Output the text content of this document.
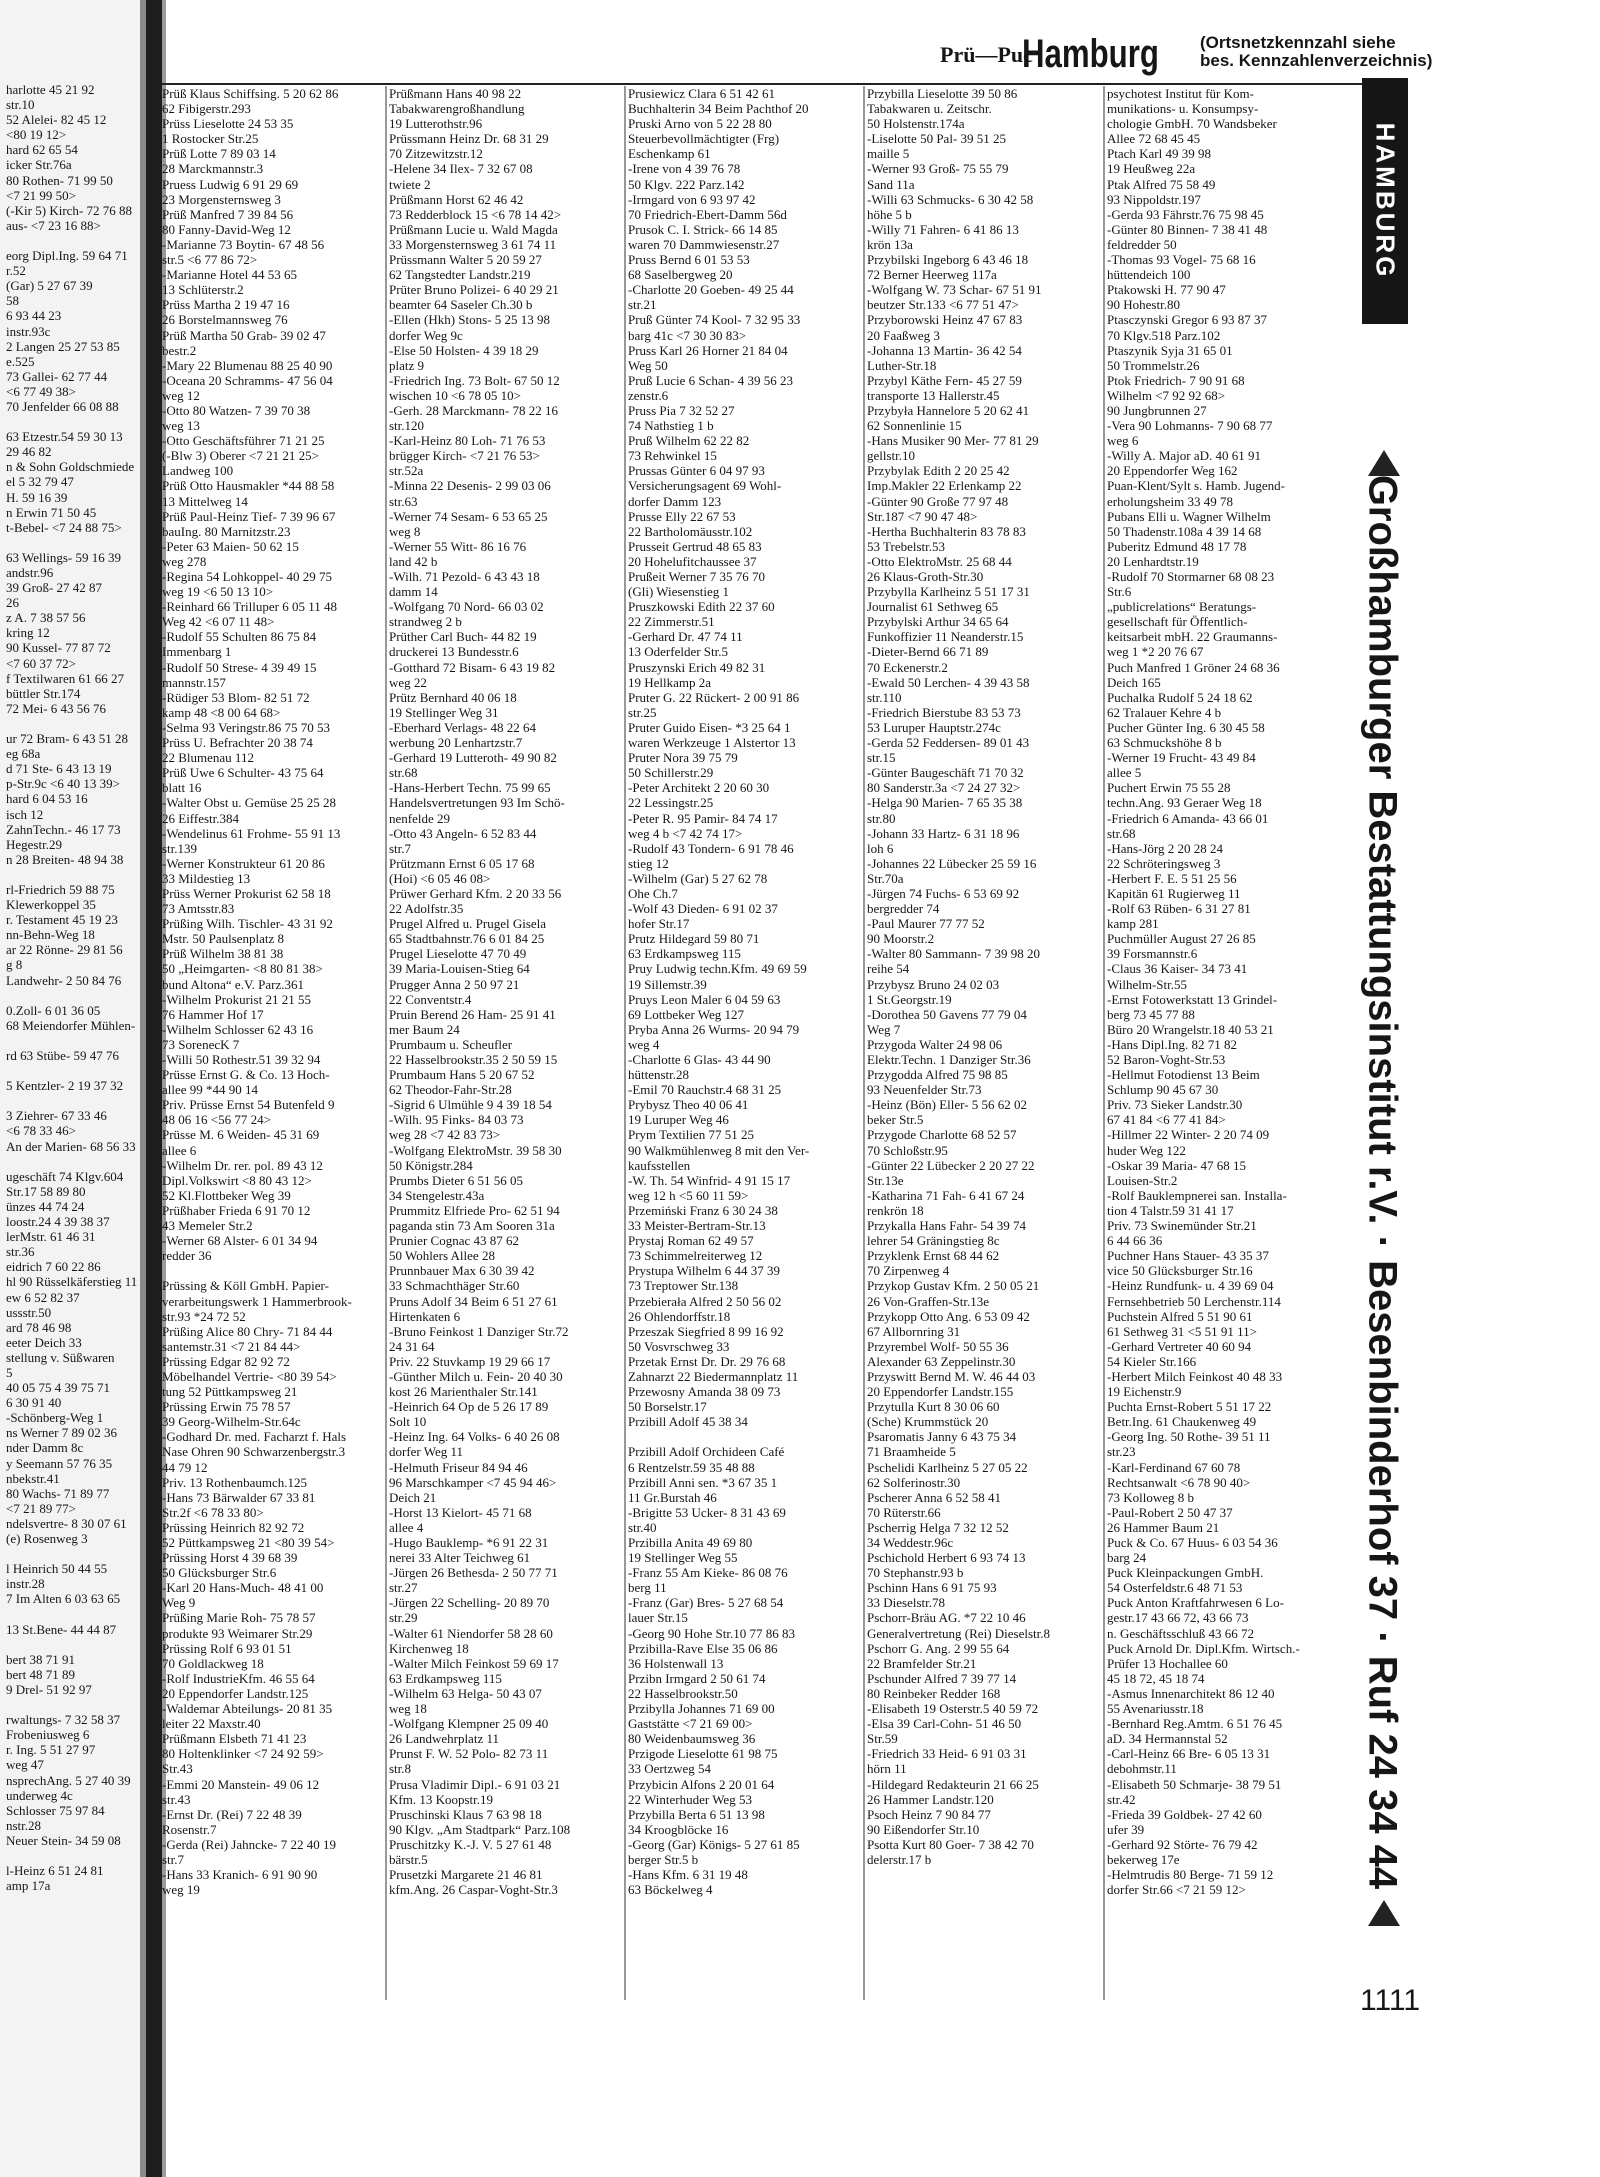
Prü—Puc
Hamburg (Ortsnetzkennzahl siehe
bes. Kennzahlenverzeichnis)
HAMBURG
Großhamburger Bestattungsinstitut r.V. · Besenbinderhof 37 · Ruf 24 34 44
1111
harlotte 45 21 92
str.10
52 Alelei- 82 45 12
<80 19 12>
hard 62 65 54
icker Str.76a
80 Rothen- 71 99 50
<7 21 99 50>
(-Kir 5) Kirch- 72 76 88
aus- <7 23 16 88>
eorg Dipl.Ing. 59 64 71
r.52
(Gar) 5 27 67 39
58
6 93 44 23
instr.93c
2 Langen 25 27 53 85
e.525
73 Gallei- 62 77 44
<6 77 49 38>
70 Jenfelder 66 08 88
63 Etzestr.54 59 30 13
29 46 82
n & Sohn Goldschmiede
el 5 32 79 47
H. 59 16 39
n Erwin 71 50 45
t-Bebel- <7 24 88 75>
63 Wellings- 59 16 39
andstr.96
39 Groß- 27 42 87
26
z A. 7 38 57 56
kring 12
90 Kussel- 77 87 72
<7 60 37 72>
f Textilwaren 61 66 27
büttler Str.174
72 Mei- 6 43 56 76
ur 72 Bram- 6 43 51 28
eg 68a
d 71 Ste- 6 43 13 19
p-Str.9c <6 40 13 39>
hard 6 04 53 16
isch 12
ZahnTechn.- 46 17 73
Hegestr.29
n 28 Breiten- 48 94 38
rl-Friedrich 59 88 75
Klewerkoppel 35
r. Testament 45 19 23
nn-Behn-Weg 18
ar 22 Rönne- 29 81 56
g 8
Landwehr- 2 50 84 76
0.Zoll- 6 01 36 05
68 Meiendorfer Mühlen-
rd 63 Stübe- 59 47 76
5 Kentzler- 2 19 37 32
3 Ziehrer- 67 33 46
<6 78 33 46>
An der Marien- 68 56 33
ugeschäft 74 Klgv.604
Str.17 58 89 80
ünzes 44 74 24
loostr.24 4 39 38 37
lerMstr. 61 46 31
str.36
eidrich 7 60 22 86
hl 90 Rüsselkäferstieg 11
ew 6 52 82 37
ussstr.50
ard 78 46 98
eeter Deich 33
stellung v. Süßwaren
5
40 05 75 4 39 75 71
6 30 91 40
-Schönberg-Weg 1
ns Werner 7 89 02 36
nder Damm 8c
y Seemann 57 76 35
nbekstr.41
80 Wachs- 71 89 77
<7 21 89 77>
ndelsvertre- 8 30 07 61
(e) Rosenweg 3
l Heinrich 50 44 55
instr.28
7 Im Alten 6 03 63 65
13 St.Bene- 44 44 87
bert 38 71 91
bert 48 71 89
9 Drel- 51 92 97
rwaltungs- 7 32 58 37
Frobeniusweg 6
r. Ing. 5 51 27 97
weg 47
nsprechAng. 5 27 40 39
underweg 4c
Schlosser 75 97 84
nstr.28
Neuer Stein- 34 59 08
l-Heinz 6 51 24 81
amp 17a
Prüß Klaus Schiffsing. 5 20 62 86
62 Fibigerstr.293
Prüss Lieselotte 24 53 35
1 Rostocker Str.25
Prüß Lotte 7 89 03 14
28 Marckmannstr.3
Pruess Ludwig 6 91 29 69
23 Morgensternsweg 3
Prüß Manfred 7 39 84 56
80 Fanny-David-Weg 12
-Marianne 73 Boytin- 67 48 56
str.5 <6 77 86 72>
-Marianne Hotel 44 53 65
13 Schlüterstr.2
Prüss Martha 2 19 47 16
26 Borstelmannsweg 76
Prüß Martha 50 Grab- 39 02 47
bestr.2
-Mary 22 Blumenau 88 25 40 90
-Oceana 20 Schramms- 47 56 04
weg 12
-Otto 80 Watzen- 7 39 70 38
weg 13
-Otto Geschäftsführer 71 21 25
(-Blw 3) Oberer <7 21 21 25>
Landweg 100
Prüß Otto Hausmakler *44 88 58
13 Mittelweg 14
Prüß Paul-Heinz Tief- 7 39 96 67
bauIng. 80 Marnitzstr.23
-Peter 63 Maien- 50 62 15
weg 278
-Regina 54 Lohkoppel- 40 29 75
weg 19 <6 50 13 10>
-Reinhard 66 Trilluper 6 05 11 48
Weg 42 <6 07 11 48>
-Rudolf 55 Schulten 86 75 84
Immenbarg 1
-Rudolf 50 Strese- 4 39 49 15
mannstr.157
-Rüdiger 53 Blom- 82 51 72
kamp 48 <8 00 64 68>
-Selma 93 Veringstr.86 75 70 53
Prüss U. Befrachter 20 38 74
22 Blumenau 112
Prüß Uwe 6 Schulter- 43 75 64
blatt 16
-Walter Obst u. Gemüse 25 25 28
26 Eiffestr.384
-Wendelinus 61 Frohme- 55 91 13
str.139
-Werner Konstrukteur 61 20 86
33 Mildestieg 13
Prüss Werner Prokurist 62 58 18
73 Amtsstr.83
Prüßing Wilh. Tischler- 43 31 92
Mstr. 50 Paulsenplatz 8
Prüß Wilhelm 38 81 38
50 „Heimgarten- <8 80 81 38>
bund Altona“ e.V. Parz.361
-Wilhelm Prokurist 21 21 55
76 Hammer Hof 17
-Wilhelm Schlosser 62 43 16
73 SorenecK 7
-Willi 50 Rothestr.51 39 32 94
Prüsse Ernst G. & Co. 13 Hoch-
allee 99 *44 90 14
Priv. Prüsse Ernst 54 Butenfeld 9
48 06 16 <56 77 24>
Prüsse M. 6 Weiden- 45 31 69
allee 6
-Wilhelm Dr. rer. pol. 89 43 12
Dipl.Volkswirt <8 80 43 12>
52 Kl.Flottbeker Weg 39
Prüßhaber Frieda 6 91 70 12
43 Memeler Str.2
-Werner 68 Alster- 6 01 34 94
redder 36
Prüssing & Köll GmbH. Papier-
verarbeitungswerk 1 Hammerbrook-
str.93 *24 72 52
Prüßing Alice 80 Chry- 71 84 44
santemstr.31 <7 21 84 44>
Prüssing Edgar 82 92 72
Möbelhandel Vertrie- <80 39 54>
tung 52 Püttkampsweg 21
Prüssing Erwin 75 78 57
39 Georg-Wilhelm-Str.64c
-Godhard Dr. med. Facharzt f. Hals
Nase Ohren 90 Schwarzenbergstr.3
44 79 12
Priv. 13 Rothenbaumch.125
-Hans 73 Bärwalder 67 33 81
Str.2f <6 78 33 80>
Prüssing Heinrich 82 92 72
52 Püttkampsweg 21 <80 39 54>
Prüssing Horst 4 39 68 39
50 Glücksburger Str.6
-Karl 20 Hans-Much- 48 41 00
Weg 9
Prüßing Marie Roh- 75 78 57
produkte 93 Weimarer Str.29
Prüssing Rolf 6 93 01 51
70 Goldlackweg 18
-Rolf IndustrieKfm. 46 55 64
20 Eppendorfer Landstr.125
-Waldemar Abteilungs- 20 81 35
leiter 22 Maxstr.40
Prüßmann Elsbeth 71 41 23
80 Holtenklinker <7 24 92 59>
Str.43
-Emmi 20 Manstein- 49 06 12
str.43
-Ernst Dr. (Rei) 7 22 48 39
Rosenstr.7
-Gerda (Rei) Jahncke- 7 22 40 19
str.7
-Hans 33 Kranich- 6 91 90 90
weg 19
Prüßmann Hans 40 98 22
Tabakwarengroßhandlung
19 Lutterothstr.96
Prüssmann Heinz Dr. 68 31 29
70 Zitzewitzstr.12
-Helene 34 Ilex- 7 32 67 08
twiete 2
Prüßmann Horst 62 46 42
73 Redderblock 15 <6 78 14 42>
Prüßmann Lucie u. Wald Magda
33 Morgensternsweg 3 61 74 11
Prüssmann Walter 5 20 59 27
62 Tangstedter Landstr.219
Prüter Bruno Polizei- 6 40 29 21
beamter 64 Saseler Ch.30 b
-Ellen (Hkh) Stons- 5 25 13 98
dorfer Weg 9c
-Else 50 Holsten- 4 39 18 29
platz 9
-Friedrich Ing. 73 Bolt- 67 50 12
wischen 10 <6 78 05 10>
-Gerh. 28 Marckmann- 78 22 16
str.120
-Karl-Heinz 80 Loh- 71 76 53
brügger Kirch- <7 21 76 53>
str.52a
-Minna 22 Desenis- 2 99 03 06
str.63
-Werner 74 Sesam- 6 53 65 25
weg 8
-Werner 55 Witt- 86 16 76
land 42 b
-Wilh. 71 Pezold- 6 43 43 18
damm 14
-Wolfgang 70 Nord- 66 03 02
strandweg 2 b
Prüther Carl Buch- 44 82 19
druckerei 13 Bundesstr.6
-Gotthard 72 Bisam- 6 43 19 82
weg 22
Prütz Bernhard 40 06 18
19 Stellinger Weg 31
-Eberhard Verlags- 48 22 64
werbung 20 Lenhartzstr.7
-Gerhard 19 Lutteroth- 49 90 82
str.68
-Hans-Herbert Techn. 75 99 65
Handelsvertretungen 93 Im Schö-
nenfelde 29
-Otto 43 Angeln- 6 52 83 44
str.7
Prützmann Ernst 6 05 17 68
(Hoi) <6 05 46 08>
Prüwer Gerhard Kfm. 2 20 33 56
22 Adolfstr.35
Prugel Alfred u. Prugel Gisela
65 Stadtbahnstr.76 6 01 84 25
Prugel Lieselotte 47 70 49
39 Maria-Louisen-Stieg 64
Prugger Anna 2 50 97 21
22 Conventstr.4
Pruin Berend 26 Ham- 25 91 41
mer Baum 24
Prumbaum u. Scheufler
22 Hasselbrookstr.35 2 50 59 15
Prumbaum Hans 5 20 67 52
62 Theodor-Fahr-Str.28
-Sigrid 6 Ulmühle 9 4 39 18 54
-Wilh. 95 Finks- 84 03 73
weg 28 <7 42 83 73>
-Wolfgang ElektroMstr. 39 58 30
50 Königstr.284
Prumbs Dieter 6 51 56 05
34 Stengelestr.43a
Prummitz Elfriede Pro- 62 51 94
paganda stin 73 Am Sooren 31a
Prunier Cognac 43 87 62
50 Wohlers Allee 28
Prunnbauer Max 6 30 39 42
33 Schmachthäger Str.60
Pruns Adolf 34 Beim 6 51 27 61
Hirtenkaten 6
-Bruno Feinkost 1 Danziger Str.72
24 31 64
Priv. 22 Stuvkamp 19 29 66 17
-Günther Milch u. Fein- 20 40 30
kost 26 Marienthaler Str.141
-Heinrich 64 Op de 5 26 17 89
Solt 10
-Heinz Ing. 64 Volks- 6 40 26 08
dorfer Weg 11
-Helmuth Friseur 84 94 46
96 Marschkamper <7 45 94 46>
Deich 21
-Horst 13 Kielort- 45 71 68
allee 4
-Hugo Bauklemp- *6 91 22 31
nerei 33 Alter Teichweg 61
-Jürgen 26 Bethesda- 2 50 77 71
str.27
-Jürgen 22 Schelling- 20 89 70
str.29
-Walter 61 Niendorfer 58 28 60
Kirchenweg 18
-Walter Milch Feinkost 59 69 17
63 Erdkampsweg 115
-Wilhelm 63 Helga- 50 43 07
weg 18
-Wolfgang Klempner 25 09 40
26 Landwehrplatz 11
Prunst F. W. 52 Polo- 82 73 11
str.8
Prusa Vladimir Dipl.- 6 91 03 21
Kfm. 13 Koopstr.19
Pruschinski Klaus 7 63 98 18
90 Klgv. „Am Stadtpark“ Parz.108
Pruschitzky K.-J. V. 5 27 61 48
bärstr.5
Prusetzki Margarete 21 46 81
kfm.Ang. 26 Caspar-Voght-Str.3
Prusiewicz Clara 6 51 42 61
Buchhalterin 34 Beim Pachthof 20
Pruski Arno von 5 22 28 80
Steuerbevollmächtigter (Frg)
Eschenkamp 61
-Irene von 4 39 76 78
50 Klgv. 222 Parz.142
-Irmgard von 6 93 97 42
70 Friedrich-Ebert-Damm 56d
Prusok C. I. Strick- 66 14 85
waren 70 Dammwiesenstr.27
Pruss Bernd 6 01 53 53
68 Saselbergweg 20
-Charlotte 20 Goeben- 49 25 44
str.21
Pruß Günter 74 Kool- 7 32 95 33
barg 41c <7 30 30 83>
Pruss Karl 26 Horner 21 84 04
Weg 50
Pruß Lucie 6 Schan- 4 39 56 23
zenstr.6
Pruss Pia 7 32 52 27
74 Nathstieg 1 b
Pruß Wilhelm 62 22 82
73 Rehwinkel 15
Prussas Günter 6 04 97 93
Versicherungsagent 69 Wohl-
dorfer Damm 123
Prusse Elly 22 67 53
22 Bartholomäusstr.102
Prusseit Gertrud 48 65 83
20 Hohelufitchaussee 37
Prußeit Werner 7 35 76 70
(Gli) Wiesenstieg 1
Pruszkowski Edith 22 37 60
22 Zimmerstr.51
-Gerhard Dr. 47 74 11
13 Oderfelder Str.5
Pruszynski Erich 49 82 31
19 Hellkamp 2a
Pruter G. 22 Rückert- 2 00 91 86
str.25
Pruter Guido Eisen- *3 25 64 1
waren Werkzeuge 1 Alstertor 13
Pruter Nora 39 75 79
50 Schillerstr.29
-Peter Architekt 2 20 60 30
22 Lessingstr.25
-Peter R. 95 Pamir- 84 74 17
weg 4 b <7 42 74 17>
-Rudolf 43 Tondern- 6 91 78 46
stieg 12
-Wilhelm (Gar) 5 27 62 78
Ohe Ch.7
-Wolf 43 Dieden- 6 91 02 37
hofer Str.17
Prutz Hildegard 59 80 71
63 Erdkampsweg 115
Pruy Ludwig techn.Kfm. 49 69 59
19 Sillemstr.39
Pruys Leon Maler 6 04 59 63
69 Lottbeker Weg 127
Pryba Anna 26 Wurms- 20 94 79
weg 4
-Charlotte 6 Glas- 43 44 90
hüttenstr.28
-Emil 70 Rauchstr.4 68 31 25
Prybysz Theo 40 06 41
19 Luruper Weg 46
Prym Textilien 77 51 25
90 Walkmühlenweg 8 mit den Ver-
kaufsstellen
-W. Th. 54 Winfrid- 4 91 15 17
weg 12 h <5 60 11 59>
Przemiński Franz 6 30 24 38
33 Meister-Bertram-Str.13
Prystaj Roman 62 49 57
73 Schimmelreiterweg 12
Prystupa Wilhelm 6 44 37 39
73 Treptower Str.138
Przebierała Alfred 2 50 56 02
26 Ohlendorffstr.18
Przeszak Siegfried 8 99 16 92
50 Vosvrschweg 33
Przetak Ernst Dr. Dr. 29 76 68
Zahnarzt 22 Biedermannplatz 11
Przewosny Amanda 38 09 73
50 Borselstr.17
Przibill Adolf 45 38 34
Przibill Adolf Orchideen Café
6 Rentzelstr.59 35 48 88
Przibill Anni sen. *3 67 35 1
11 Gr.Burstah 46
-Brigitte 53 Ucker- 8 31 43 69
str.40
Przibilla Anita 49 69 80
19 Stellinger Weg 55
-Franz 55 Am Kieke- 86 08 76
berg 11
-Franz (Gar) Bres- 5 27 68 54
lauer Str.15
-Georg 90 Hohe Str.10 77 86 83
Przibilla-Rave Else 35 06 86
36 Holstenwall 13
Przibn Irmgard 2 50 61 74
22 Hasselbrookstr.50
Przibylla Johannes 71 69 00
Gaststätte <7 21 69 00>
80 Weidenbaumsweg 36
Przigode Lieselotte 61 98 75
33 Oertzweg 54
Przybicin Alfons 2 20 01 64
22 Winterhuder Weg 53
Przybilla Berta 6 51 13 98
34 Kroogblöcke 16
-Georg (Gar) Königs- 5 27 61 85
berger Str.5 b
-Hans Kfm. 6 31 19 48
63 Böckelweg 4
Przybilla Lieselotte 39 50 86
Tabakwaren u. Zeitschr.
50 Holstenstr.174a
-Liselotte 50 Pal- 39 51 25
maille 5
-Werner 93 Groß- 75 55 79
Sand 11a
-Willi 63 Schmucks- 6 30 42 58
höhe 5 b
-Willy 71 Fahren- 6 41 86 13
krön 13a
Przybilski Ingeborg 6 43 46 18
72 Berner Heerweg 117a
-Wolfgang W. 73 Schar- 67 51 91
beutzer Str.133 <6 77 51 47>
Przyborowski Heinz 47 67 83
20 Faaßweg 3
-Johanna 13 Martin- 36 42 54
Luther-Str.18
Przybyl Käthe Fern- 45 27 59
transporte 13 Hallerstr.45
Przybyła Hannelore 5 20 62 41
62 Sonnenlinie 15
-Hans Musiker 90 Mer- 77 81 29
gellstr.10
Przybylak Edith 2 20 25 42
Imp.Makler 22 Erlenkamp 22
-Günter 90 Große 77 97 48
Str.187 <7 90 47 48>
-Hertha Buchhalterin 83 78 83
53 Trebelstr.53
-Otto ElektroMstr. 25 68 44
26 Klaus-Groth-Str.30
Przybylla Karlheinz 5 51 17 31
Journalist 61 Sethweg 65
Przybylski Arthur 34 65 64
Funkoffizier 11 Neanderstr.15
-Dieter-Bernd 66 71 89
70 Eckenerstr.2
-Ewald 50 Lerchen- 4 39 43 58
str.110
-Friedrich Bierstube 83 53 73
53 Luruper Hauptstr.274c
-Gerda 52 Feddersen- 89 01 43
str.15
-Günter Baugeschäft 71 70 32
80 Sanderstr.3a <7 24 27 32>
-Helga 90 Marien- 7 65 35 38
str.80
-Johann 33 Hartz- 6 31 18 96
loh 6
-Johannes 22 Lübecker 25 59 16
Str.70a
-Jürgen 74 Fuchs- 6 53 69 92
bergredder 74
-Paul Maurer 77 77 52
90 Moorstr.2
-Walter 80 Sammann- 7 39 98 20
reihe 54
Przybysz Bruno 24 02 03
1 St.Georgstr.19
-Dorothea 50 Gavens 77 79 04
Weg 7
Przygoda Walter 24 98 06
Elektr.Techn. 1 Danziger Str.36
Przygodda Alfred 75 98 85
93 Neuenfelder Str.73
-Heinz (Bön) Eller- 5 56 62 02
beker Str.5
Przygode Charlotte 68 52 57
70 Schloßstr.95
-Günter 22 Lübecker 2 20 27 22
Str.13e
-Katharina 71 Fah- 6 41 67 24
renkrön 18
Przykalla Hans Fahr- 54 39 74
lehrer 54 Gräningstieg 8c
Przyklenk Ernst 68 44 62
70 Zirpenweg 4
Przykop Gustav Kfm. 2 50 05 21
26 Von-Graffen-Str.13e
Przykopp Otto Ang. 6 53 09 42
67 Allbornring 31
Przyrembel Wolf- 50 55 36
Alexander 63 Zeppelinstr.30
Przyswitt Bernd M. W. 46 44 03
20 Eppendorfer Landstr.155
Przytulla Kurt 8 30 06 60
(Sche) Krummstück 20
Psaromatis Janny 6 43 75 34
71 Braamheide 5
Pschelidi Karlheinz 5 27 05 22
62 Solferinostr.30
Pscherer Anna 6 52 58 41
70 Rüterstr.66
Pscherrig Helga 7 32 12 52
34 Weddestr.96c
Pschichold Herbert 6 93 74 13
70 Stephanstr.93 b
Pschinn Hans 6 91 75 93
33 Dieselstr.78
Pschorr-Bräu AG. *7 22 10 46
Generalvertretung (Rei) Dieselstr.8
Pschorr G. Ang. 2 99 55 64
22 Bramfelder Str.21
Pschunder Alfred 7 39 77 14
80 Reinbeker Redder 168
-Elisabeth 19 Osterstr.5 40 59 72
-Elsa 39 Carl-Cohn- 51 46 50
Str.59
-Friedrich 33 Heid- 6 91 03 31
hörn 11
-Hildegard Redakteurin 21 66 25
26 Hammer Landstr.120
Psoch Heinz 7 90 84 77
90 Eißendorfer Str.10
Psotta Kurt 80 Goer- 7 38 42 70
delerstr.17 b
psychotest Institut für Kom-
munikations- u. Konsumpsy-
chologie GmbH. 70 Wandsbeker
Allee 72 68 45 45
Ptach Karl 49 39 98
19 Heußweg 22a
Ptak Alfred 75 58 49
93 Nippoldstr.197
-Gerda 93 Fährstr.76 75 98 45
-Günter 80 Binnen- 7 38 41 48
feldredder 50
-Thomas 93 Vogel- 75 68 16
hüttendeich 100
Ptakowski H. 77 90 47
90 Hohestr.80
Ptasczynski Gregor 6 93 87 37
70 Klgv.518 Parz.102
Ptaszynik Syja 31 65 01
50 Trommelstr.26
Ptok Friedrich- 7 90 91 68
Wilhelm <7 92 92 68>
90 Jungbrunnen 27
-Vera 90 Lohmanns- 7 90 68 77
weg 6
-Willy A. Major aD. 40 61 91
20 Eppendorfer Weg 162
Puan-Klent/Sylt s. Hamb. Jugend-
erholungsheim 33 49 78
Pubans Elli u. Wagner Wilhelm
50 Thadenstr.108a 4 39 14 68
Puberitz Edmund 48 17 78
20 Lenhardtstr.19
-Rudolf 70 Stormarner 68 08 23
Str.6
„publicrelations“ Beratungs-
gesellschaft für Öffentlich-
keitsarbeit mbH. 22 Graumanns-
weg 1 *2 20 76 67
Puch Manfred 1 Gröner 24 68 36
Deich 165
Puchalka Rudolf 5 24 18 62
62 Tralauer Kehre 4 b
Pucher Günter Ing. 6 30 45 58
63 Schmuckshöhe 8 b
-Werner 19 Frucht- 43 49 84
allee 5
Puchert Erwin 75 55 28
techn.Ang. 93 Geraer Weg 18
-Friedrich 6 Amanda- 43 66 01
str.68
-Hans-Jörg 2 20 28 24
22 Schröteringsweg 3
-Herbert F. E. 5 51 25 56
Kapitän 61 Rugierweg 11
-Rolf 63 Rüben- 6 31 27 81
kamp 281
Puchmüller August 27 26 85
39 Forsmannstr.6
-Claus 36 Kaiser- 34 73 41
Wilhelm-Str.55
-Ernst Fotowerkstatt 13 Grindel-
berg 73 45 77 88
Büro 20 Wrangelstr.18 40 53 21
-Hans Dipl.Ing. 82 71 82
52 Baron-Voght-Str.53
-Hellmut Fotodienst 13 Beim
Schlump 90 45 67 30
Priv. 73 Sieker Landstr.30
67 41 84 <6 77 41 84>
-Hillmer 22 Winter- 2 20 74 09
huder Weg 122
-Oskar 39 Maria- 47 68 15
Louisen-Str.2
-Rolf Bauklempnerei san. Installa-
tion 4 Talstr.59 31 41 17
Priv. 73 Swinemünder Str.21
6 44 66 36
Puchner Hans Stauer- 43 35 37
vice 50 Glücksburger Str.16
-Heinz Rundfunk- u. 4 39 69 04
Fernsehbetrieb 50 Lerchenstr.114
Puchstein Alfred 5 51 90 61
61 Sethweg 31 <5 51 91 11>
-Gerhard Vertreter 40 60 94
54 Kieler Str.166
-Herbert Milch Feinkost 40 48 33
19 Eichenstr.9
Puchta Ernst-Robert 5 51 17 22
Betr.Ing. 61 Chaukenweg 49
-Georg Ing. 50 Rothe- 39 51 11
str.23
-Karl-Ferdinand 67 60 78
Rechtsanwalt <6 78 90 40>
73 Kolloweg 8 b
-Paul-Robert 2 50 47 37
26 Hammer Baum 21
Puck & Co. 67 Huus- 6 03 54 36
barg 24
Puck Kleinpackungen GmbH.
54 Osterfeldstr.6 48 71 53
Puck Anton Kraftfahrwesen 6 Lo-
gestr.17 43 66 72, 43 66 73
n. Geschäftsschluß 43 66 72
Puck Arnold Dr. Dipl.Kfm. Wirtsch.-
Prüfer 13 Hochallee 60
45 18 72, 45 18 74
-Asmus Innenarchitekt 86 12 40
55 Avenariusstr.18
-Bernhard Reg.Amtm. 6 51 76 45
aD. 34 Hermannstal 52
-Carl-Heinz 66 Bre- 6 05 13 31
debohmstr.11
-Elisabeth 50 Schmarje- 38 79 51
str.42
-Frieda 39 Goldbek- 27 42 60
ufer 39
-Gerhard 92 Störte- 76 79 42
bekerweg 17e
-Helmtrudis 80 Berge- 71 59 12
dorfer Str.66 <7 21 59 12>
